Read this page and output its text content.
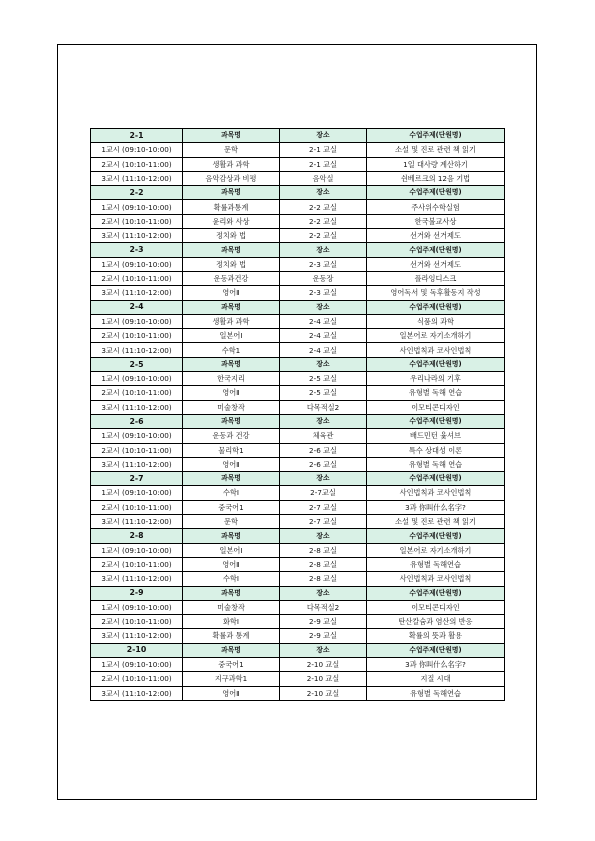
2-1	과목명	장소	수업주제(단원명)
1교시 (09:10-10:00)	문학	2-1 교실	소설 및 진로 관련 책 읽기
2교시 (10:10-11:00)	생활과 과학	2-1 교실	1일 대사량 계산하기
3교시 (11:10-12:00)	음악감상과 비평	음악실	쉰베르크의 12음 기법
2-2	과목명	장소	수업주제(단원명)
1교시 (09:10-10:00)	확률과통계	2-2 교실	주사위수학실험
2교시 (10:10-11:00)	윤리와 사상	2-2 교실	한국불교사상
3교시 (11:10-12:00)	정치와 법	2-2 교실	선거와 선거제도
2-3	과목명	장소	수업주제(단원명)
1교시 (09:10-10:00)	정치와 법	2-3 교실	선거와 선거제도
2교시 (10:10-11:00)	운동과건강	운동장	플라잉디스크
3교시 (11:10-12:00)	영어Ⅱ	2-3 교실	영어독서 및 독후활동지 작성
2-4	과목명	장소	수업주제(단원명)
1교시 (09:10-10:00)	생활과 과학	2-4 교실	식품의 과학
2교시 (10:10-11:00)	일본어Ⅰ	2-4 교실	일본어로 자기소개하기
3교시 (11:10-12:00)	수학1	2-4 교실	사인법칙과 코사인법칙
2-5	과목명	장소	수업주제(단원명)
1교시 (09:10-10:00)	한국지리	2-5 교실	우리나라의 기후
2교시 (10:10-11:00)	영어Ⅱ	2-5 교실	유형별 독해 연습
3교시 (11:10-12:00)	미술창작	다목적실2	이모티콘디자인
2-6	과목명	장소	수업주제(단원명)
1교시 (09:10-10:00)	운동과 건강	체육관	배드민턴 윷셔브
2교시 (10:10-11:00)	물리학1	2-6 교실	특수 상대성 이론
3교시 (11:10-12:00)	영어Ⅱ	2-6 교실	유형별 독해 연습
2-7	과목명	장소	수업주제(단원명)
1교시 (09:10-10:00)	수학Ⅰ	2-7교실	사인법칙과 코사인법칙
2교시 (10:10-11:00)	중국어1	2-7 교실	3과 你叫什么名字?
3교시 (11:10-12:00)	문학	2-7 교실	소설 및 진로 관련 책 읽기
2-8	과목명	장소	수업주제(단원명)
1교시 (09:10-10:00)	일본어Ⅰ	2-8 교실	일본어로 자기소개하기
2교시 (10:10-11:00)	영어Ⅱ	2-8 교실	유형별 독해연습
3교시 (11:10-12:00)	수학Ⅰ	2-8 교실	사인법칙과 코사인법칙
2-9	과목명	장소	수업주제(단원명)
1교시 (09:10-10:00)	미술창작	다목적실2	이모티콘디자인
2교시 (10:10-11:00)	화학Ⅰ	2-9 교실	탄산칼슘과 염산의 반응
3교시 (11:10-12:00)	확률과 통계	2-9 교실	확률의 뜻과 활용
2-10	과목명	장소	수업주제(단원명)
1교시 (09:10-10:00)	중국어1	2-10 교실	3과 你叫什么名字?
2교시 (10:10-11:00)	지구과학1	2-10 교실	지질 시대
3교시 (11:10-12:00)	영어Ⅱ	2-10 교실	유형별 독해연습
